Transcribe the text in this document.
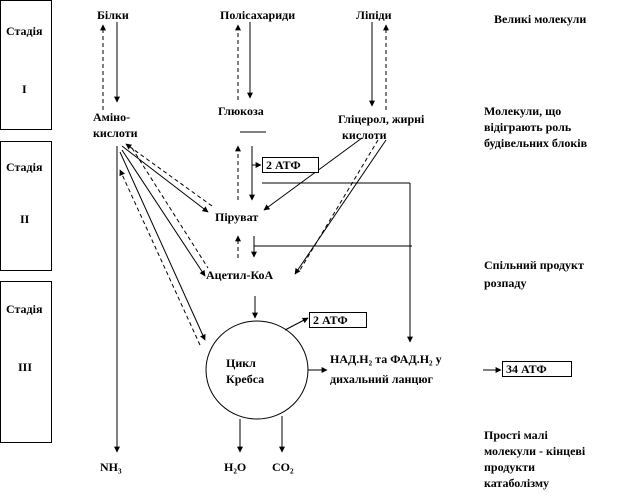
Стадія
I
Стадія
II
Стадія
III
Білки	Полісахариди	Ліпіди
Аміно-
кислоти
Глюкоза
Гліцерол, жирні
кислоти
2 АТФ
2 АТФ
34 АТФ
Піруват
Ацетил-КоА
Цикл
Кребса
НАД.Н₂ та ФАД.Н₂ у
дихальний ланцюг
NH₃	H₂O CO₂
Великі молекули
Молекули, що
відіграють роль
будівельних блоків
Спільний продукт
розпаду
Прості малі
молекули - кінцеві
продукти
катаболізму
